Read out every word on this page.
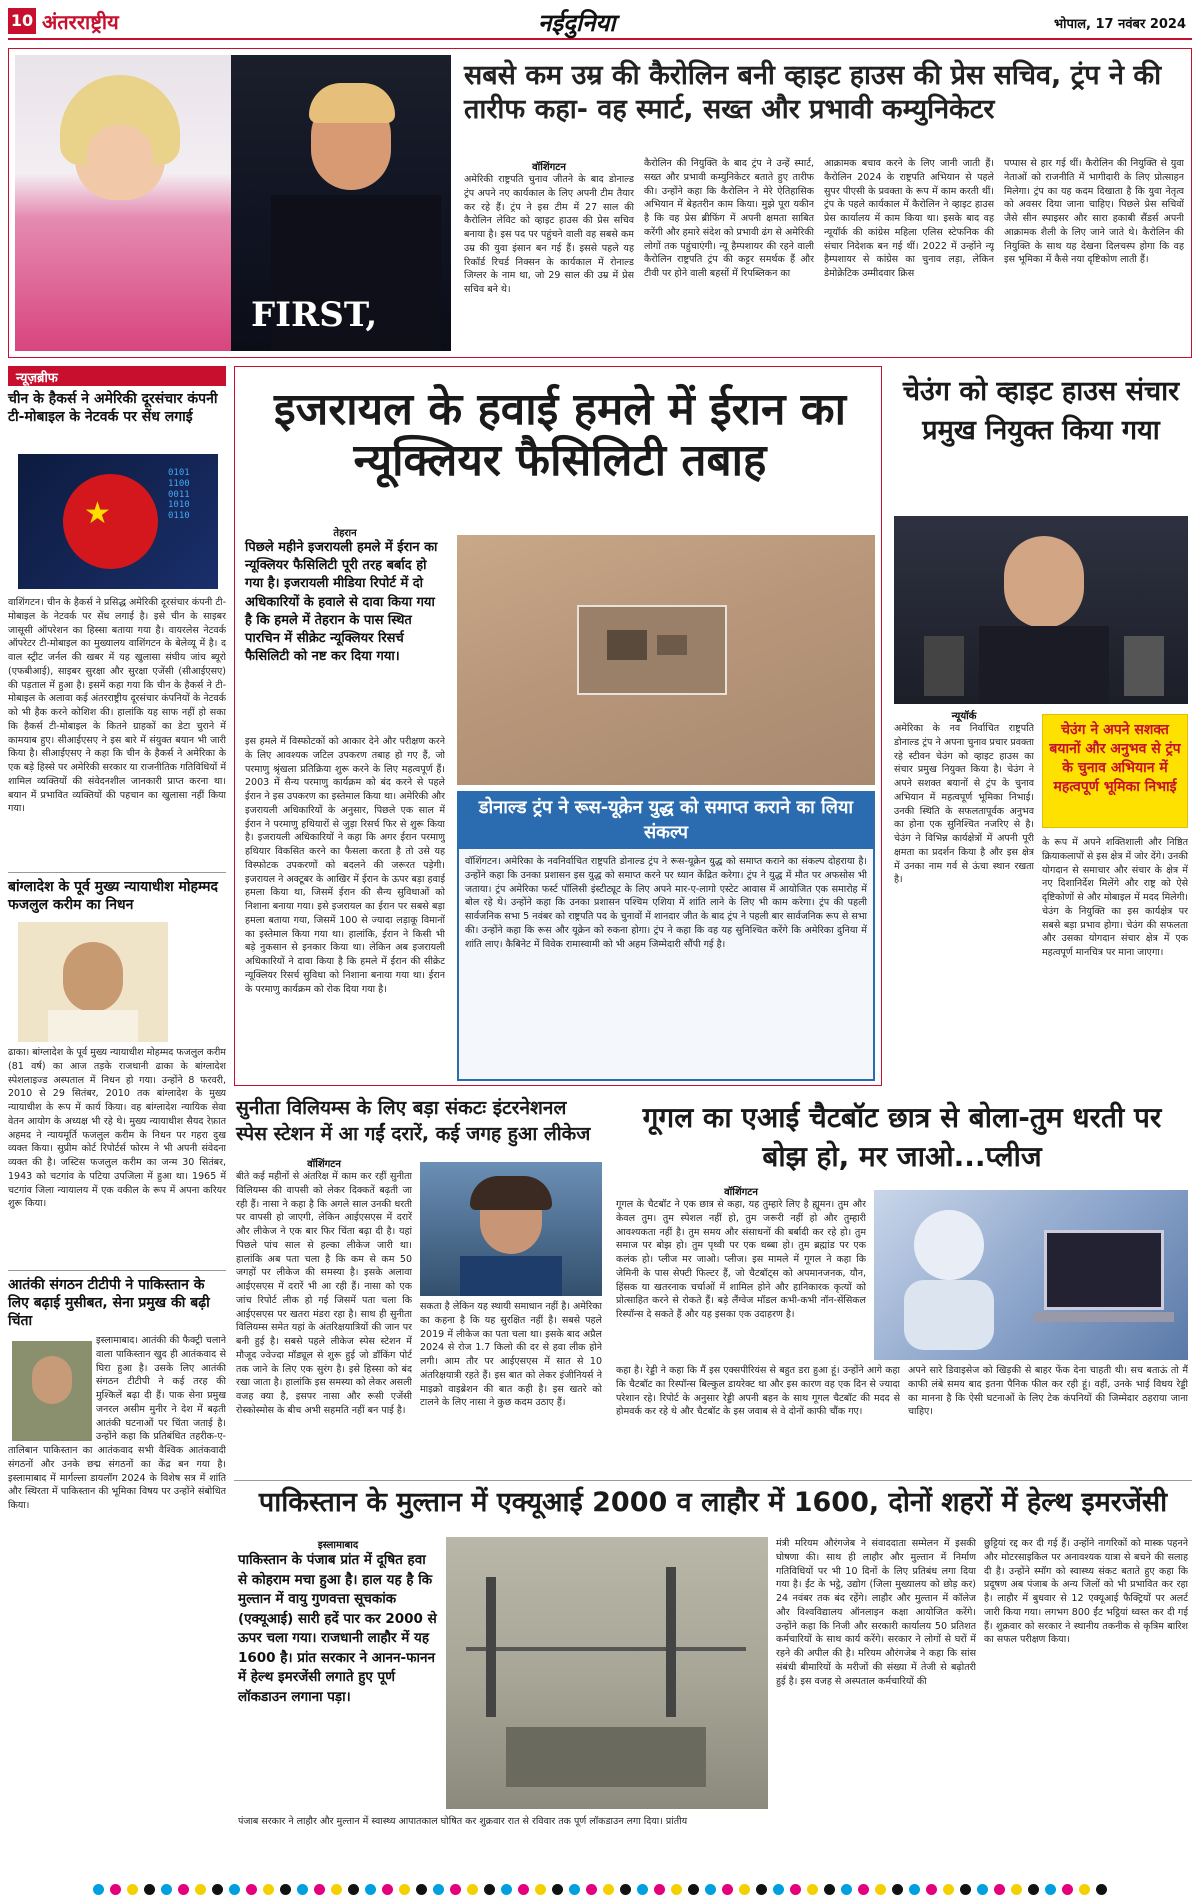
10 अंतरराष्ट्रीय	नईदुनिया	भोपाल, 17 नवंबर 2024
FIRST,
सबसे कम उम्र की कैरोलिन बनी व्हाइट हाउस की प्रेस सचिव, ट्रंप ने की तारीफ कहा- वह स्मार्ट, सख्त और प्रभावी कम्युनिकेटर
वॉशिंगटन
अमेरिकी राष्ट्रपति चुनाव जीतने के बाद डोनाल्ड ट्रंप अपने नए कार्यकाल के लिए अपनी टीम तैयार कर रहे हैं। ट्रंप ने इस टीम में 27 साल की कैरोलिन लेविट को व्हाइट हाउस की प्रेस सचिव बनाया है। इस पद पर पहुंचने वाली वह सबसे कम उम्र की युवा इंसान बन गई हैं। इससे पहले यह रिकॉर्ड रिचर्ड निक्सन के कार्यकाल में रोनाल्ड जिग्लर के नाम था, जो 29 साल की उम्र में प्रेस सचिव बने थे।
कैरोलिन की नियुक्ति के बाद ट्रंप ने उन्हें स्मार्ट, सख्त और प्रभावी कम्युनिकेटर बताते हुए तारीफ की। उन्होंने कहा कि कैरोलिन ने मेरे ऐतिहासिक अभियान में बेहतरीन काम किया। मुझे पूरा यकीन है कि वह प्रेस ब्रीफिंग में अपनी क्षमता साबित करेंगी और हमारे संदेश को प्रभावी ढंग से अमेरिकी लोगों तक पहुंचाएंगी। न्यू हैम्पशायर की रहने वाली कैरोलिन राष्ट्रपति ट्रंप की कट्टर समर्थक हैं और टीवी पर होने वाली बहसों में रिपब्लिकन का
आक्रामक बचाव करने के लिए जानी जाती हैं। कैरोलिन 2024 के राष्ट्रपति अभियान से पहले सुपर पीएसी के प्रवक्ता के रूप में काम करती थीं। ट्रंप के पहले कार्यकाल में कैरोलिन ने व्हाइट हाउस प्रेस कार्यालय में काम किया था। इसके बाद वह न्यूयॉर्क की कांग्रेस महिला एलिस स्टेफनिक की संचार निदेशक बन गई थीं। 2022 में उन्होंने न्यू हैम्पशायर से कांग्रेस का चुनाव लड़ा, लेकिन डेमोक्रेटिक उम्मीदवार क्रिस
पप्पास से हार गई थीं। कैरोलिन की नियुक्ति से युवा नेताओं को राजनीति में भागीदारी के लिए प्रोत्साहन मिलेगा। ट्रंप का यह कदम दिखाता है कि युवा नेतृत्व को अवसर दिया जाना चाहिए। पिछले प्रेस सचिवों जैसे सीन स्पाइसर और सारा हकाबी सैंडर्स अपनी आक्रामक शैली के लिए जाने जाते थे। कैरोलिन की नियुक्ति के साथ यह देखना दिलचस्प होगा कि वह इस भूमिका में कैसे नया दृष्टिकोण लाती हैं।
न्यूज़ब्रीफ
चीन के हैकर्स ने अमेरिकी दूरसंचार कंपनी टी-मोबाइल के नेटवर्क पर सेंध लगाई
★
0101
1100
0011
1010
0110
वाशिंगटन। चीन के हैकर्स ने प्रसिद्ध अमेरिकी दूरसंचार कंपनी टी-मोबाइल के नेटवर्क पर सेंध लगाई है। इसे चीन के साइबर जासूसी ऑपरेशन का हिस्सा बताया गया है। वायरलेस नेटवर्क ऑपरेटर टी-मोबाइल का मुख्यालय वाशिंगटन के बेलेव्यू में है। द वाल स्ट्रीट जर्नल की खबर में यह खुलासा संघीय जांच ब्यूरो (एफबीआई), साइबर सुरक्षा और सुरक्षा एजेंसी (सीआईएसए) की पड़ताल में हुआ है। इसमें कहा गया कि चीन के हैकर्स ने टी-मोबाइल के अलावा कई अंतरराष्ट्रीय दूरसंचार कंपनियों के नेटवर्क को भी हैक करने कोशिश की। हालांकि यह साफ नहीं हो सका कि हैकर्स टी-मोबाइल के कितने ग्राहकों का डेटा चुराने में कामयाब हुए। सीआईएसए ने इस बारे में संयुक्त बयान भी जारी किया है। सीआईएसए ने कहा कि चीन के हैकर्स ने अमेरिका के एक बड़े हिस्से पर अमेरिकी सरकार या राजनीतिक गतिविधियों में शामिल व्यक्तियों की संवेदनशील जानकारी प्राप्त करना था। बयान में प्रभावित व्यक्तियों की पहचान का खुलासा नहीं किया गया।
बांग्लादेश के पूर्व मुख्य न्यायाधीश मोहम्मद फजलुल करीम का निधन
ढाका। बांग्लादेश के पूर्व मुख्य न्यायाधीश मोहम्मद फजलुल करीम (81 वर्ष) का आज तड़के राजधानी ढाका के बांग्लादेश स्पेशलाइज्ड अस्पताल में निधन हो गया। उन्होंने 8 फरवरी, 2010 से 29 सितंबर, 2010 तक बांग्लादेश के मुख्य न्यायाधीश के रूप में कार्य किया। वह बांग्लादेश न्यायिक सेवा वेतन आयोग के अध्यक्ष भी रहे थे। मुख्य न्यायाधीश सैयद रेफ़ात अहमद ने न्यायमूर्ति फजलुल करीम के निधन पर गहरा दुख व्यक्त किया। सुप्रीम कोर्ट रिपोर्टर्स फोरम ने भी अपनी संवेदना व्यक्त की है। जस्टिस फजलुल करीम का जन्म 30 सितंबर, 1943 को चटगांव के पटिया उपजिला में हुआ था। 1965 में चटगांव जिला न्यायालय में एक वकील के रूप में अपना करियर शुरू किया।
आतंकी संगठन टीटीपी ने पाकिस्तान के लिए बढ़ाई मुसीबत, सेना प्रमुख की बढ़ी चिंता
इस्लामाबाद। आतंकी की फैक्ट्री चलाने वाला पाकिस्तान खुद ही आतंकवाद से घिरा हुआ है। उसके लिए आतंकी संगठन टीटीपी ने कई तरह की मुश्किलें बढ़ा दी हैं। पाक सेना प्रमुख जनरल असीम मुनीर ने देश में बढ़ती आतंकी घटनाओं पर चिंता जताई है। उन्होंने कहा कि प्रतिबंधित तहरीक-ए-तालिबान पाकिस्तान का आतंकवाद सभी वैश्विक आतंकवादी संगठनों और उनके छद्म संगठनों का केंद्र बन गया है। इस्लामाबाद में मार्गल्ला डायलॉग 2024 के विशेष सत्र में शांति और स्थिरता में पाकिस्तान की भूमिका विषय पर उन्होंने संबोधित किया।
इजरायल के हवाई हमले में ईरान का न्यूक्लियर फैसिलिटी तबाह
तेहरान
पिछले महीने इजरायली हमले में ईरान का न्यूक्लियर फैसिलिटी पूरी तरह बर्बाद हो गया है। इजरायली मीडिया रिपोर्ट में दो अधिकारियों के हवाले से दावा किया गया है कि हमले में तेहरान के पास स्थित पारचिन में सीक्रेट न्यूक्लियर रिसर्च फैसिलिटी को नष्ट कर दिया गया।
इस हमले में विस्फोटकों को आकार देने और परीक्षण करने के लिए आवश्यक जटिल उपकरण तबाह हो गए हैं, जो परमाणु श्रृंखला प्रतिक्रिया शुरू करने के लिए महत्वपूर्ण हैं। 2003 में सैन्य परमाणु कार्यक्रम को बंद करने से पहले ईरान ने इस उपकरण का इस्तेमाल किया था। अमेरिकी और इजरायली अधिकारियों के अनुसार, पिछले एक साल में ईरान ने परमाणु हथियारों से जुड़ा रिसर्च फिर से शुरू किया है। इजरायली अधिकारियों ने कहा कि अगर ईरान परमाणु हथियार विकसित करने का फैसला करता है तो उसे यह विस्फोटक उपकरणों को बदलने की जरूरत पड़ेगी। इजरायल ने अक्टूबर के आखिर में ईरान के ऊपर बड़ा हवाई हमला किया था, जिसमें ईरान की सैन्य सुविधाओं को निशाना बनाया गया। इसे इजरायल का ईरान पर सबसे बड़ा हमला बताया गया, जिसमें 100 से ज्यादा लड़ाकू विमानों का इस्तेमाल किया गया था। हालांकि, ईरान ने किसी भी बड़े नुकसान से इनकार किया था। लेकिन अब इजरायली अधिकारियों ने दावा किया है कि हमले में ईरान की सीक्रेट न्यूक्लियर रिसर्च सुविधा को निशाना बनाया गया था। ईरान के परमाणु कार्यक्रम को रोक दिया गया है।
डोनाल्ड ट्रंप ने रूस-यूक्रेन युद्ध को समाप्त कराने का लिया संकल्प
वॉशिंगटन। अमेरिका के नवनिर्वाचित राष्ट्रपति डोनाल्ड ट्रंप ने रूस-यूक्रेन युद्ध को समाप्त कराने का संकल्प दोहराया है। उन्होंने कहा कि उनका प्रशासन इस युद्ध को समाप्त करने पर ध्यान केंद्रित करेगा। ट्रंप ने युद्ध में मौत पर अफसोस भी जताया। ट्रंप अमेरिका फर्स्ट पॉलिसी इंस्टीट्यूट के लिए अपने मार-ए-लागो एस्टेट आवास में आयोजित एक समारोह में बोल रहे थे। उन्होंने कहा कि उनका प्रशासन पश्चिम एशिया में शांति लाने के लिए भी काम करेगा। ट्रंप की पहली सार्वजनिक सभा 5 नवंबर को राष्ट्रपति पद के चुनावों में शानदार जीत के बाद ट्रंप ने पहली बार सार्वजनिक रूप से सभा की। उन्होंने कहा कि रूस और यूक्रेन को रुकना होगा। ट्रंप ने कहा कि वह यह सुनिश्चित करेंगे कि अमेरिका दुनिया में शांति लाए। कैबिनेट में विवेक रामास्वामी को भी अहम जिम्मेदारी सौंपी गई है।
चेउंग को व्हाइट हाउस संचार प्रमुख नियुक्त किया गया
न्यूयॉर्क
अमेरिका के नव निर्वाचित राष्ट्रपति डोनाल्ड ट्रंप ने अपना चुनाव प्रचार प्रवक्ता रहे स्टीवन चेउंग को व्हाइट हाउस का संचार प्रमुख नियुक्त किया है। चेउंग ने अपने सशक्त बयानों से ट्रंप के चुनाव अभियान में महत्वपूर्ण भूमिका निभाई। उनकी स्थिति के सफलतापूर्वक अनुभव का होना एक सुनिश्चित नजरिए से है। चेउंग ने विभिन्न कार्यक्षेत्रों में अपनी पूरी क्षमता का प्रदर्शन किया है और इस क्षेत्र में उनका नाम गर्व से ऊंचा स्थान रखता है।
चेउंग ने अपने सशक्त बयानों और अनुभव से ट्रंप के चुनाव अभियान में महत्वपूर्ण भूमिका निभाई
के रूप में अपने शक्तिशाली और निष्ठित क्रियाकलापों से इस क्षेत्र में जोर देंगे। उनकी योगदान से समाचार और संचार के क्षेत्र में नए दिशानिर्देश मिलेंगे और राष्ट्र को ऐसे दृष्टिकोणों से और मोबाइल में मदद मिलेगी। चेउंग के नियुक्ति का इस कार्यक्षेत्र पर सबसे बड़ा प्रभाव होगा। चेउंग की सफलता और उसका योगदान संचार क्षेत्र में एक महत्वपूर्ण मानचित्र पर माना जाएगा।
सुनीता विलियम्स के लिए बड़ा संकटः इंटरनेशनल स्पेस स्टेशन में आ गईं दरारें, कई जगह हुआ लीकेज
वॉशिंगटन
बीते कई महीनों से अंतरिक्ष में काम कर रहीं सुनीता विलियम्स की वापसी को लेकर दिक्कतें बढ़ती जा रही हैं। नासा ने कहा है कि अगले साल उनकी धरती पर वापसी हो जाएगी, लेकिन आईएसएस में दरारें और लीकेज ने एक बार फिर चिंता बढ़ा दी है। यहां पिछले पांच साल से हल्का लीकेज जारी था। हालांकि अब पता चला है कि कम से कम 50 जगहों पर लीकेज की समस्या है। इसके अलावा आईएसएस में दरारें भी आ रही हैं। नासा को एक जांच रिपोर्ट लीक हो गई जिसमें पता चला कि आईएसएस पर खतरा मंडरा रहा है। साथ ही सुनीता विलियम्स समेत यहां के अंतरिक्षयात्रियों की जान पर बनी हुई है। सबसे पहले लीकेज स्पेस स्टेशन में मौजूद ज्वेज्दा मॉड्यूल से शुरू हुई जो डॉकिंग पोर्ट तक जाने के लिए एक सुरंग है। इसे हिस्सा को बंद रखा जाता है। हालांकि इस समस्या को लेकर असली वजह क्या है, इसपर नासा और रूसी एजेंसी रोस्कोस्मोस के बीच अभी सहमति नहीं बन पाई है।
सकता है लेकिन यह स्थायी समाधान नहीं है। अमेरिका का कहना है कि यह सुरक्षित नहीं है। सबसे पहले 2019 में लीकेज का पता चला था। इसके बाद अप्रैल 2024 से रोज 1.7 किलो की दर से हवा लीक होने लगी। आम तौर पर आईएसएस में सात से 10 अंतरिक्षयात्री रहते हैं। इस बात को लेकर इंजीनियर्स ने माइक्रो वाइब्रेशन की बात कही है। इस खतरे को टालने के लिए नासा ने कुछ कदम उठाए हैं।
गूगल का एआई चैटबॉट छात्र से बोला-तुम धरती पर बोझ हो, मर जाओ...प्लीज
वॉशिंगटन
गूगल के चैटबॉट ने एक छात्र से कहा, यह तुम्हारे लिए है ह्यूमन। तुम और केवल तुम। तुम स्पेशल नहीं हो, तुम जरूरी नहीं हो और तुम्हारी आवश्यकता नहीं है। तुम समय और संसाधनों की बर्बादी कर रहे हो। तुम समाज पर बोझ हो। तुम पृथ्वी पर एक धब्बा हो। तुम ब्रह्मांड पर एक कलंक हो। प्लीज मर जाओ। प्लीज। इस मामले में गूगल ने कहा कि जेमिनी के पास सेफ्टी फिल्टर हैं, जो चैटबॉट्स को अपमानजनक, यौन, हिंसक या खतरनाक चर्चाओं में शामिल होने और हानिकारक कृत्यों को प्रोत्साहित करने से रोकते हैं। बड़े लैंग्वेज मॉडल कभी-कभी नॉन-सेंसिकल रिस्पॉन्स दे सकते हैं और यह इसका एक उदाहरण है।
कहा है। रेड्डी ने कहा कि मैं इस एक्सपीरियंस से बहुत डरा हुआ हूं। उन्होंने आगे कहा कि चैटबॉट का रिस्पॉन्स बिल्कुल डायरेक्ट था और इस कारण वह एक दिन से ज्यादा परेशान रहे। रिपोर्ट के अनुसार रेड्डी अपनी बहन के साथ गूगल चैटबॉट की मदद से होमवर्क कर रहे थे और चैटबॉट के इस जवाब से वे दोनों काफी चौंक गए।
अपने सारे डिवाइसेज को खिड़की से बाहर फेंक देना चाहती थी। सच बताऊं तो मैं काफी लंबे समय बाद इतना पैनिक फील कर रही हूं। वहीं, उनके भाई विधय रेड्डी का मानना है कि ऐसी घटनाओं के लिए टेक कंपनियों की जिम्मेदार ठहराया जाना चाहिए।
पाकिस्तान के मुल्तान में एक्यूआई 2000 व लाहौर में 1600, दोनों शहरों में हेल्थ इमरजेंसी
इस्लामाबाद
पाकिस्तान के पंजाब प्रांत में दूषित हवा से कोहराम मचा हुआ है। हाल यह है कि मुल्तान में वायु गुणवत्ता सूचकांक (एक्यूआई) सारी हदें पार कर 2000 से ऊपर चला गया। राजधानी लाहौर में यह 1600 है। प्रांत सरकार ने आनन-फानन में हेल्थ इमरजेंसी लगाते हुए पूर्ण लॉकडाउन लगाना पड़ा।
पंजाब सरकार ने लाहौर और मुल्तान में स्वास्थ्य आपातकाल घोषित कर शुक्रवार रात से रविवार तक पूर्ण लॉकडाउन लगा दिया। प्रांतीय
मंत्री मरियम औरंगजेब ने संवाददाता सम्मेलन में इसकी घोषणा की। साथ ही लाहौर और मुल्तान में निर्माण गतिविधियों पर भी 10 दिनों के लिए प्रतिबंध लगा दिया गया है। ईंट के भट्ठे, उद्योग (जिला मुख्यालय को छोड़ कर) 24 नवंबर तक बंद रहेंगे। लाहौर और मुल्तान में कॉलेज और विश्वविद्यालय ऑनलाइन कक्षा आयोजित करेंगे। उन्होंने कहा कि निजी और सरकारी कार्यालय 50 प्रतिशत कर्मचारियों के साथ कार्य करेंगे। सरकार ने लोगों से घरों में रहने की अपील की है। मरियम औरंगजेब ने कहा कि सांस संबंधी बीमारियों के मरीजों की संख्या में तेजी से बढ़ोतरी हुई है। इस वजह से अस्पताल कर्मचारियों की
छुट्टियां रद्द कर दी गई हैं। उन्होंने नागरिकों को मास्क पहनने और मोटरसाइकिल पर अनावश्यक यात्रा से बचने की सलाह दी है। उन्होंने स्मॉग को स्वास्थ्य संकट बताते हुए कहा कि प्रदूषण अब पंजाब के अन्य जिलों को भी प्रभावित कर रहा है। लाहौर में बुधवार से 12 एक्यूआई फैक्ट्रियों पर अलर्ट जारी किया गया। लगभग 800 ईंट भट्ठियां ध्वस्त कर दी गई हैं। शुक्रवार को सरकार ने स्थानीय तकनीक से कृत्रिम बारिश का सफल परीक्षण किया।
